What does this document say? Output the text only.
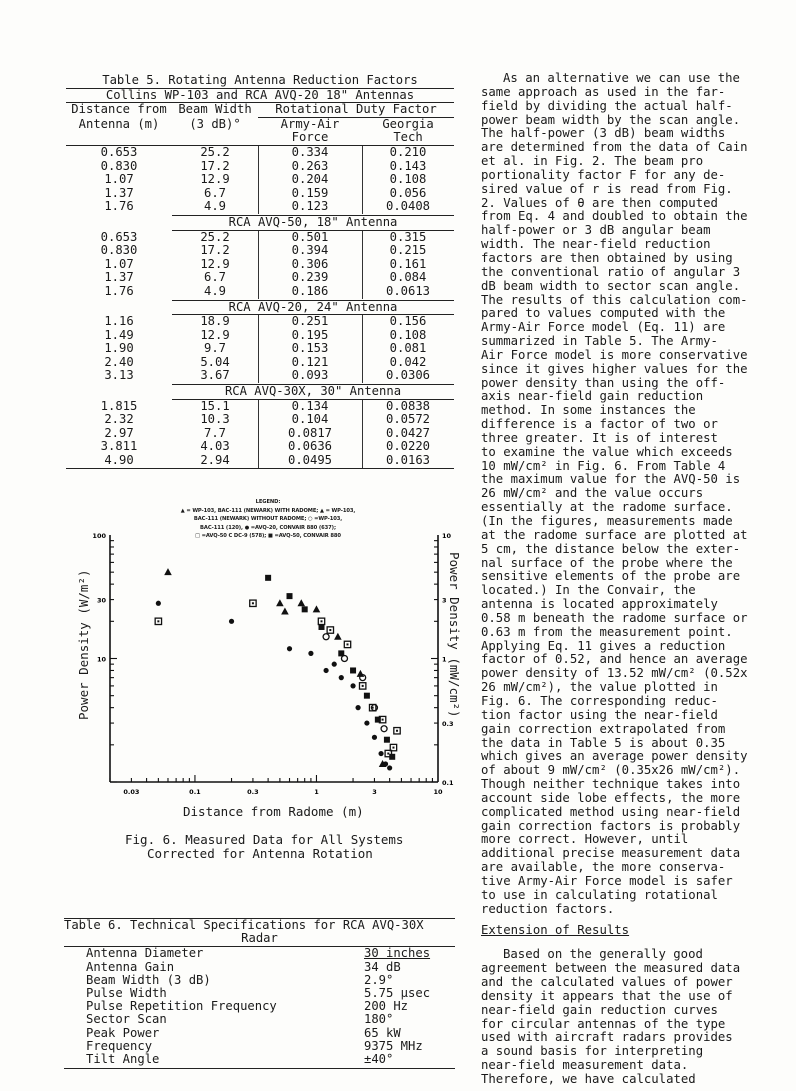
Table 5. Rotating Antenna Reduction Factors
Collins WP-103 and RCA AVQ-20 18" Antennas
Distance from Beam Width	Rotational Duty Factor
Antenna (m)	(3 dB)°	Army-Air	Georgia
Force	Tech
0.653	25.2	0.334	0.210
0.830	17.2	0.263	0.143
1.07	12.9	0.204	0.108
1.37	6.7	0.159	0.056
1.76	4.9	0.123	0.0408
RCA AVQ-50, 18" Antenna
0.653	25.2	0.501	0.315
0.830	17.2	0.394	0.215
1.07	12.9	0.306	0.161
1.37	6.7	0.239	0.084
1.76	4.9	0.186	0.0613
RCA AVQ-20, 24" Antenna
1.16	18.9	0.251	0.156
1.49	12.9	0.195	0.108
1.90	9.7	0.153	0.081
2.40	5.04	0.121	0.042
3.13	3.67	0.093	0.0306
RCA AVQ-30X, 30" Antenna
1.815	15.1	0.134	0.0838
2.32	10.3	0.104	0.0572
2.97	7.7	0.0817	0.0427
3.811	4.03	0.0636	0.0220
4.90	2.94	0.0495	0.0163
LEGEND:
▲ = WP-103, BAC-111 (NEWARK) WITH RADOME; ▲ = WP-103,
BAC-111 (NEWARK) WITHOUT RADOME; ○ =WP-103,
BAC-111 (120), ● =AVQ-20, CONVAIR 880 (637);
□ =AVQ-50 C DC-9 (578); ■ =AVQ-50, CONVAIR 880
0.03	0.1	0.3	1	3	10
100
30
10
10
3
1
0.3
0.1
Power Density (W/m²)	Power Density (mW/cm²)
Distance from Radome (m)
Fig. 6. Measured Data for All Systems
Corrected for Antenna Rotation
Table 6. Technical Specifications for RCA AVQ-30X
Radar
Antenna Diameter	30 inches
Antenna Gain	34 dB
Beam Width (3 dB)	2.9°
Pulse Width	5.75 µsec
Pulse Repetition Frequency	200 Hz
Sector Scan	180°
Peak Power	65 kW
Frequency	9375 MHz
Tilt Angle	±40°
As an alternative we can use the
same approach as used in the far-
field by dividing the actual half-
power beam width by the scan angle.
The half-power (3 dB) beam widths
are determined from the data of Cain
et al. in Fig. 2. The beam pro
portionality factor F for any de-
sired value of r is read from Fig.
2. Values of θ are then computed
from Eq. 4 and doubled to obtain the
half-power or 3 dB angular beam
width. The near-field reduction
factors are then obtained by using
the conventional ratio of angular 3
dB beam width to sector scan angle.
The results of this calculation com-
pared to values computed with the
Army-Air Force model (Eq. 11) are
summarized in Table 5. The Army-
Air Force model is more conservative
since it gives higher values for the
power density than using the off-
axis near-field gain reduction
method. In some instances the
difference is a factor of two or
three greater. It is of interest
to examine the value which exceeds
10 mW/cm² in Fig. 6. From Table 4
the maximum value for the AVQ-50 is
26 mW/cm² and the value occurs
essentially at the radome surface.
(In the figures, measurements made
at the radome surface are plotted at
5 cm, the distance below the exter-
nal surface of the probe where the
sensitive elements of the probe are
located.) In the Convair, the
antenna is located approximately
0.58 m beneath the radome surface or
0.63 m from the measurement point.
Applying Eq. 11 gives a reduction
factor of 0.52, and hence an average
power density of 13.52 mW/cm² (0.52x
26 mW/cm²), the value plotted in
Fig. 6. The corresponding reduc-
tion factor using the near-field
gain correction extrapolated from
the data in Table 5 is about 0.35
which gives an average power density
of about 9 mW/cm² (0.35x26 mW/cm²).
Though neither technique takes into
account side lobe effects, the more
complicated method using near-field
gain correction factors is probably
more correct. However, until
additional precise measurement data
are available, the more conserva-
tive Army-Air Force model is safer
to use in calculating rotational
reduction factors.
Extension of Results
Based on the generally good
agreement between the measured data
and the calculated values of power
density it appears that the use of
near-field gain reduction curves
for circular antennas of the type
used with aircraft radars provides
a sound basis for interpreting
near-field measurement data.
Therefore, we have calculated
